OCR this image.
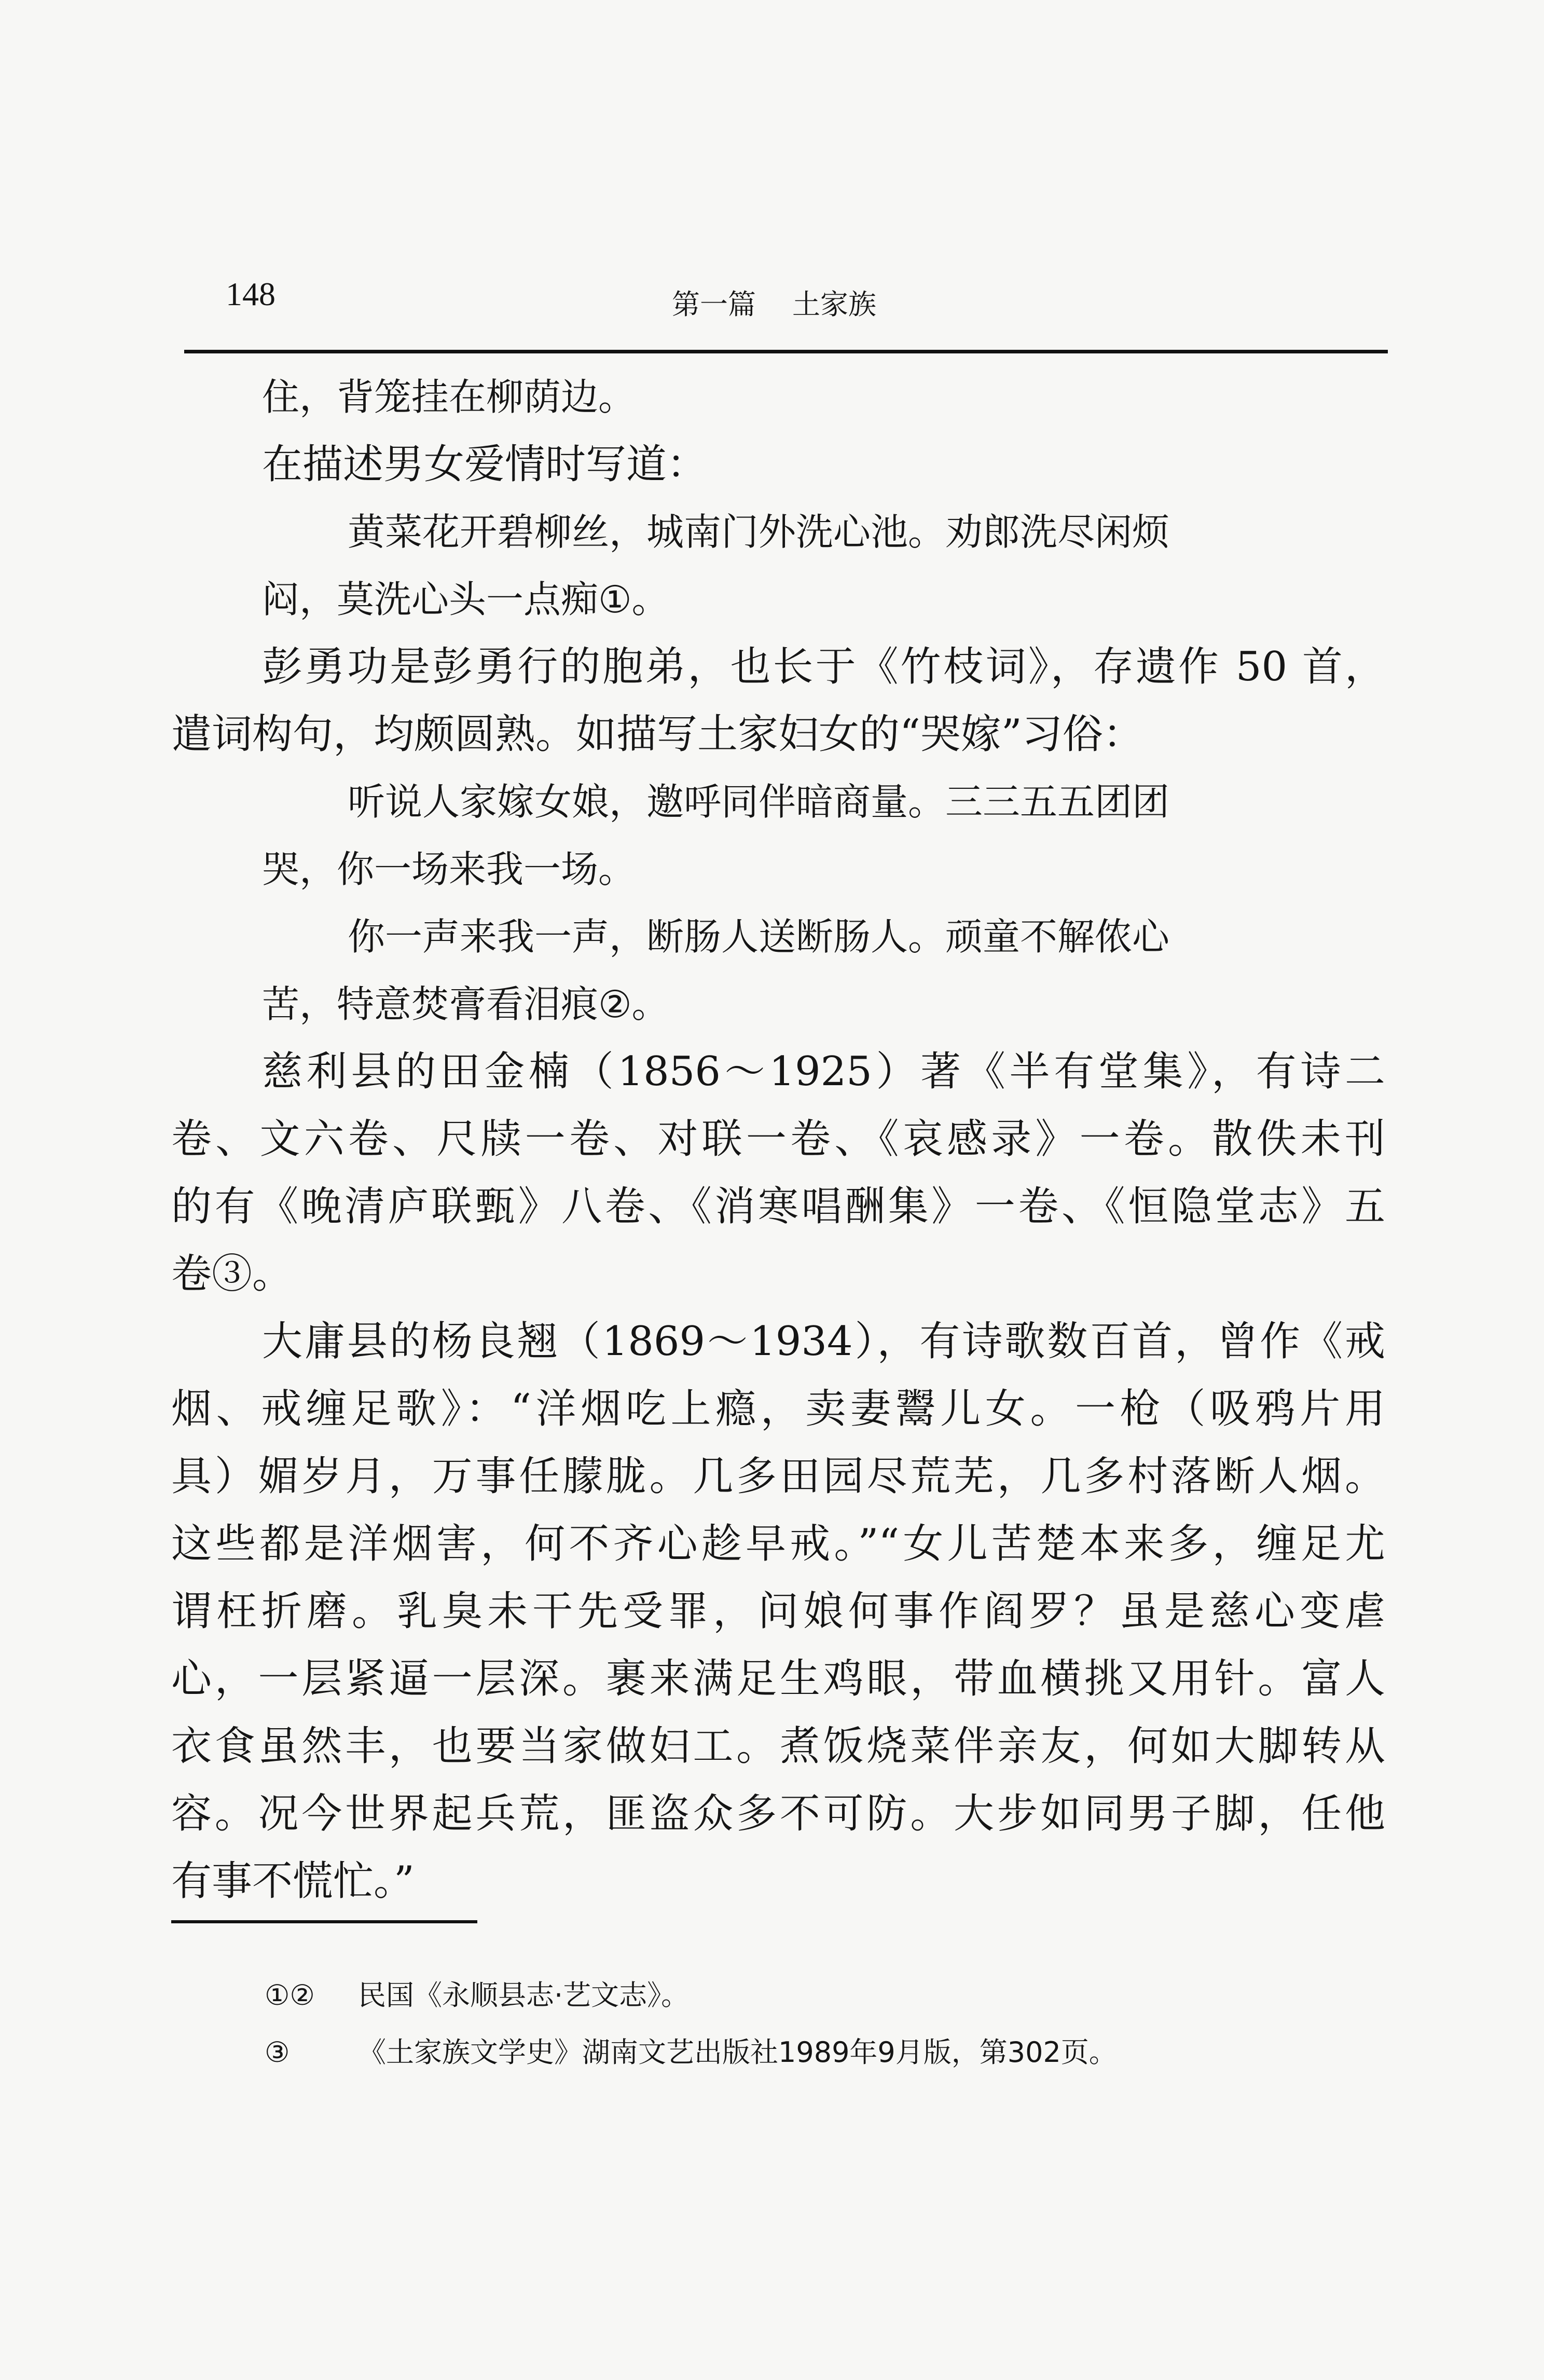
148	第一篇 土家族
住，背笼挂在柳荫边。
在描述男女爱情时写道：
黄菜花开碧柳丝，城南门外洗心池。劝郎洗尽闲烦
闷，莫洗心头一点痴①。
彭勇功是彭勇行的胞弟，也长于《竹枝词》，存遗作 50 首，
遣词构句，均颇圆熟。如描写土家妇女的“哭嫁”习俗：
听说人家嫁女娘，邀呼同伴暗商量。三三五五团团
哭，你一场来我一场。
你一声来我一声，断肠人送断肠人。顽童不解侬心
苦，特意焚膏看泪痕②。
慈利县的田金楠（1856～1925）著《半有堂集》，有诗二
卷、文六卷、尺牍一卷、对联一卷、《哀感录》一卷。散佚未刊
的有《晚清庐联甄》八卷、《消寒唱酬集》一卷、《恒隐堂志》五
卷③。
大庸县的杨良翘（1869～1934），有诗歌数百首，曾作《戒
烟、戒缠足歌》：“洋烟吃上瘾，卖妻鬻儿女。一枪（吸鸦片用
具）媚岁月，万事任朦胧。几多田园尽荒芜，几多村落断人烟。
这些都是洋烟害，何不齐心趁早戒。”“女儿苦楚本来多，缠足尤
谓枉折磨。乳臭未干先受罪，问娘何事作阎罗？虽是慈心变虐
心，一层紧逼一层深。裹来满足生鸡眼，带血横挑又用针。富人
衣食虽然丰，也要当家做妇工。煮饭烧菜伴亲友，何如大脚转从
容。况今世界起兵荒，匪盗众多不可防。大步如同男子脚，任他
有事不慌忙。”
①② 民国《永顺县志·艺文志》。
③ 《土家族文学史》湖南文艺出版社1989年9月版，第302页。
